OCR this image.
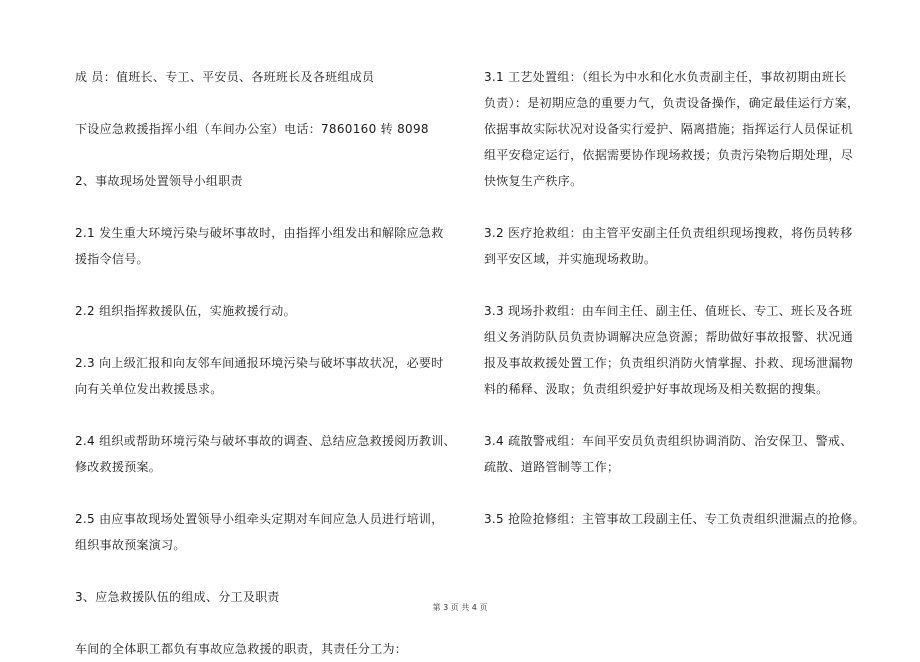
成 员：值班长、专工、平安员、各班班长及各班组成员
下设应急救援指挥小组（车间办公室）电话：7860160 转 8098
2、事故现场处置领导小组职责
2.1 发生重大环境污染与破坏事故时，由指挥小组发出和解除应急救
援指令信号。
2.2 组织指挥救援队伍，实施救援行动。
2.3 向上级汇报和向友邻车间通报环境污染与破坏事故状况，必要时
向有关单位发出救援恳求。
2.4 组织或帮助环境污染与破坏事故的调查、总结应急救援阅历教训、
修改救援预案。
2.5 由应事故现场处置领导小组牵头定期对车间应急人员进行培训，
组织事故预案演习。
3、应急救援队伍的组成、分工及职责
车间的全体职工都负有事故应急救援的职责，其责任分工为：
3.1 工艺处置组：（组长为中水和化水负责副主任，事故初期由班长
负责）：是初期应急的重要力气，负责设备操作，确定最佳运行方案，
依据事故实际状况对设备实行爱护、隔离措施；指挥运行人员保证机
组平安稳定运行，依据需要协作现场救援；负责污染物后期处理，尽
快恢复生产秩序。
3.2 医疗抢救组：由主管平安副主任负责组织现场搜救，将伤员转移
到平安区域，并实施现场救助。
3.3 现场扑救组：由车间主任、副主任、值班长、专工、班长及各班
组义务消防队员负责协调解决应急资源；帮助做好事故报警、状况通
报及事故救援处置工作；负责组织消防火情掌握、扑救、现场泄漏物
料的稀释、汲取；负责组织爱护好事故现场及相关数据的搜集。
3.4 疏散警戒组：车间平安员负责组织协调消防、治安保卫、警戒、
疏散、道路管制等工作；
3.5 抢险抢修组：主管事故工段副主任、专工负责组织泄漏点的抢修。
第 3 页 共 4 页
